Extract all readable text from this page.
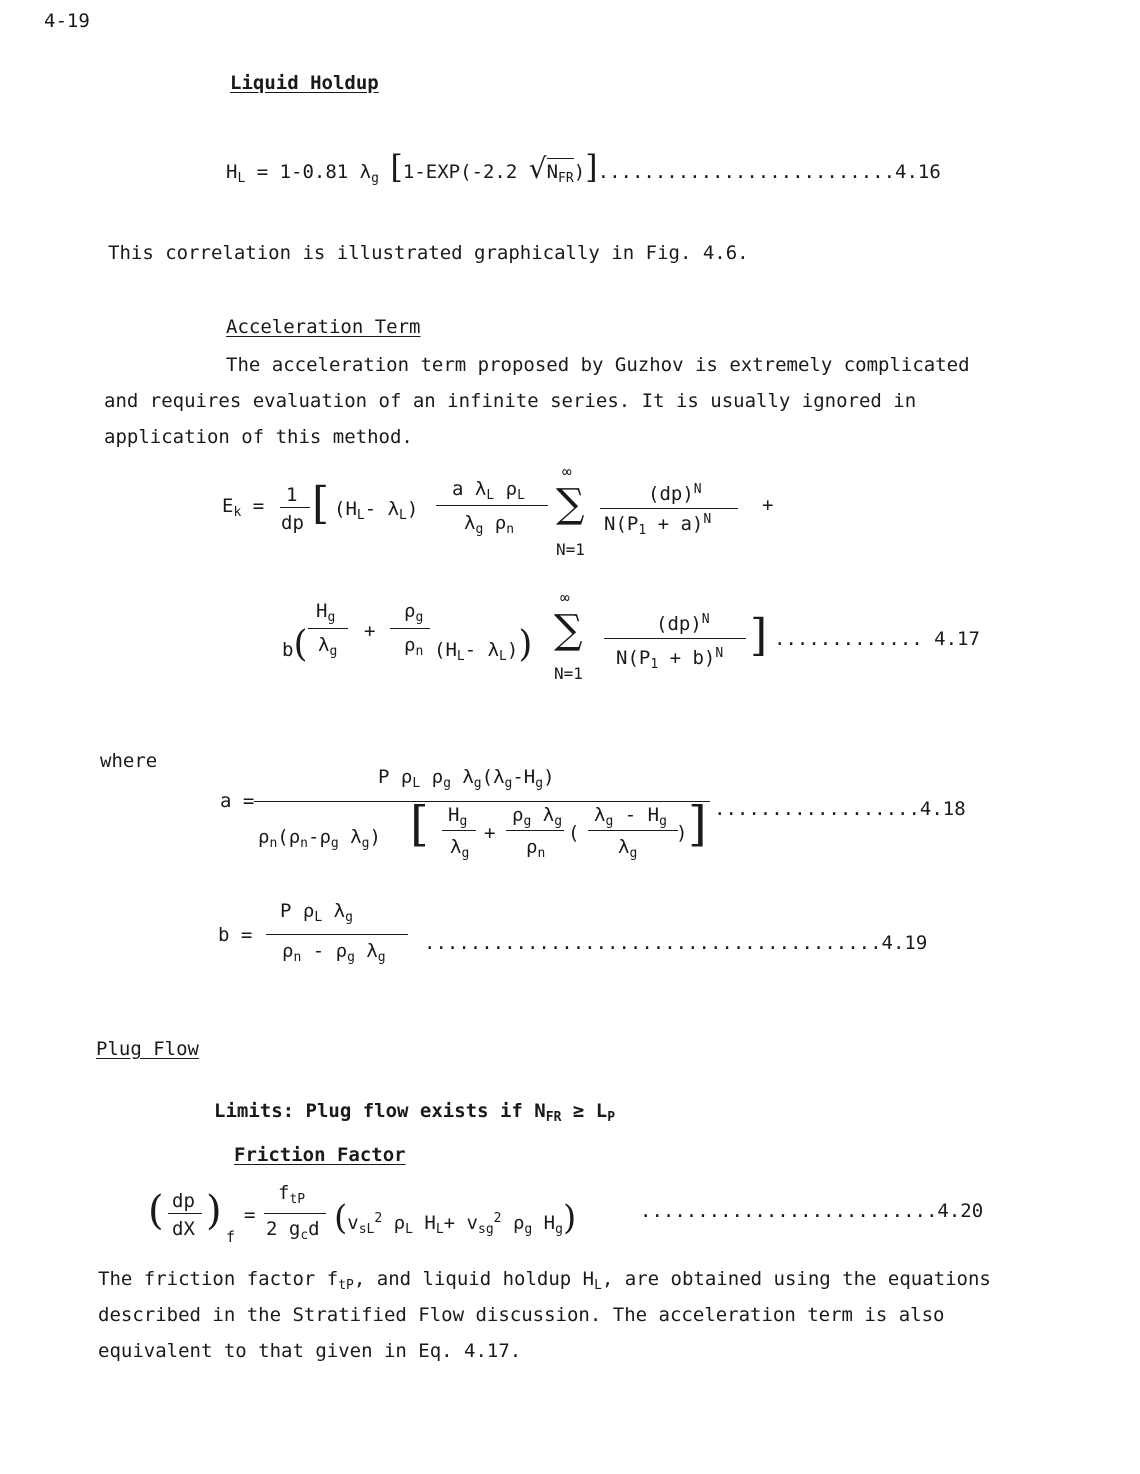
4-19
Liquid Holdup
$H_L = 1-0.81$ $\lambda_g$ [1-EXP(-2.2 $√N_{FR})]..........................4.16$
This correlation is illustrated graphically in Fig. 4.6.
Acceleration Term
The acceleration term proposed by Guzhov is extremely complicated
and requires evaluation of an infinite series. It is usually ignored in
application of this method.
$E_k = 1$
dp [ ($H_L-$ $\lambda_L$)
a $\lambda_L$ $\rho_L$
$\lambda_g$ $\rho_n$
∞
∑
N=1
(dp)$^N$
$N(P_1 + a)^N$
+
b(
$H_g$
$\lambda_g$
+
$\rho_g$
$\rho_n$ ($H_L-$ $\lambda_L$))
∞
∑
N=1
(dp)$^N$
$N(P_1 + b)^N$ ] ............. 4.17
where
a =
P $\rho_L$ $\rho_g$ $\lambda_g(\lambda_g-H_g)$
$\rho_n(\rho_n-\rho_g$ $\lambda_g$) [ $H_g$
$\lambda_g$
+
$\rho_g$ $\lambda_g$
$\rho_n$
(
$\lambda_g - H_g$
$\lambda_g$
) ] ..................4.18
b =
P $\rho_L$ $\lambda_g$
$\rho_n - \rho_g$ $\lambda_g$
........................................4.19
Plug Flow
Limits: Plug flow exists if $N_{FR} \ge L_P$
Friction Factor
( dp
dX )
f
=
$f_{tP}$
2 $g_cd$ ($v_{sL}^2$ $\rho_L$ $H_L+ v_{sg}^2$ $\rho_g$ $H_g$)	..........................4.20
The friction factor $f_{tP}$, and liquid holdup $H_L$, are obtained using the equations
described in the Stratified Flow discussion. The acceleration term is also
equivalent to that given in Eq. 4.17.
